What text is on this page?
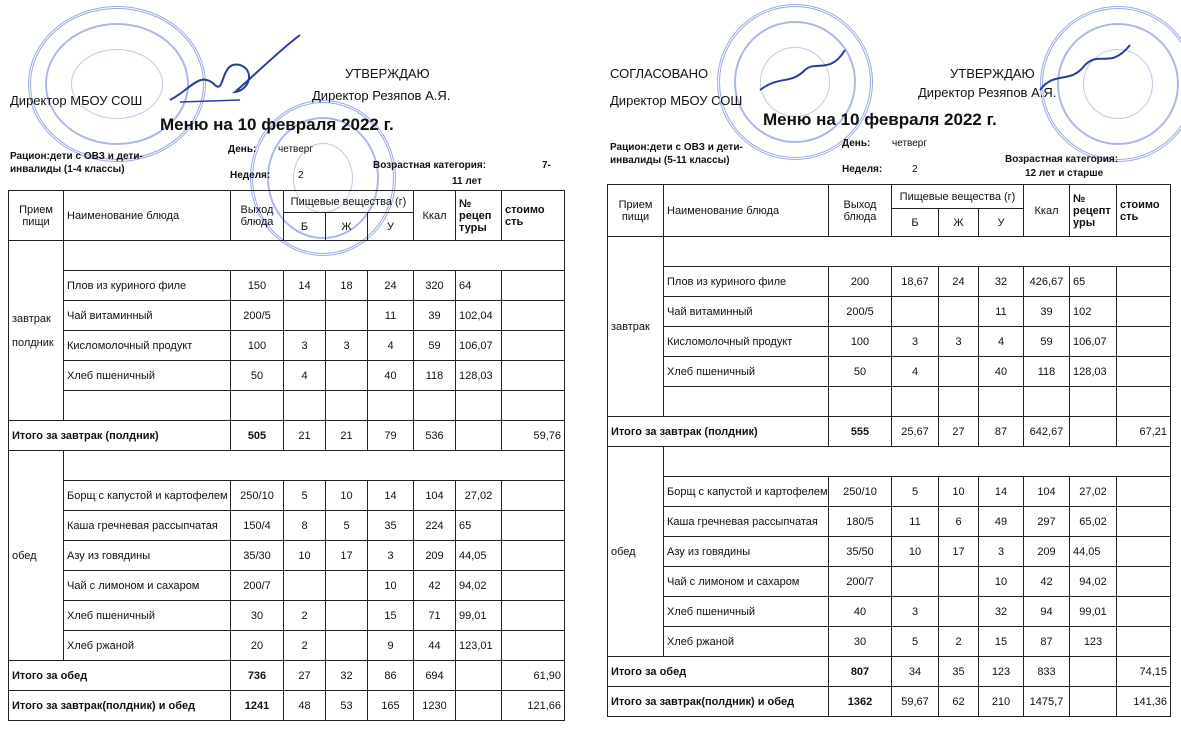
УТВЕРЖДАЮ
Директор МБОУ СОШ	Директор Резяпов А.Я.
Меню на 10 февраля 2022 г.
Рацион:дети с ОВЗ и дети-
инвалиды (1-4 классы)
День: четверг
Неделя:	2
Возрастная категория:	7-
11 лет
Прием
пищи	Наименование блюда	Выход
блюда	Пищевые вещества (г)			Ккал	№
рецеп
туры	стоимо
сть
			Б	Ж	У			
завтрак

полдник								
	Плов из куриного филе	150	14	18	24	320	64	
	Чай витаминный	200/5			11	39	102,04	
	Кисломолочный продукт	100	3	3	4	59	106,07	
	Хлеб пшеничный	50	4		40	118	128,03	

Итого за завтрак (полдник)		505	21	21	79	536		59,76
обед								
	Борщ с капустой и картофелем	250/10	5	10	14	104	27,02	
	Каша гречневая рассыпчатая	150/4	8	5	35	224	65	
	Азу из говядины	35/30	10	17	3	209	44,05	
	Чай с лимоном и сахаром	200/7			10	42	94,02	
	Хлеб пшеничный	30	2		15	71	99,01	
	Хлеб ржаной	20	2		9	44	123,01	
Итого за обед		736	27	32	86	694		61,90
Итого за завтрак(полдник) и обед		1241	48	53	165	1230		121,66
СОГЛАСОВАНО	УТВЕРЖДАЮ
Директор МБОУ СОШ
Директор Резяпов А.Я.
Меню на 10 февраля 2022 г.
Рацион:дети с ОВЗ и дети-
инвалиды (5-11 классы)
День: четверг
Неделя:	2
Возрастная категория:
12 лет и старше
Прием
пищи	Наименование блюда	Выход
блюда	Пищевые вещества (г)			Ккал	№
рецепт
уры	стоимо
сть
			Б	Ж	У			
завтрак								
	Плов из куриного филе	200	18,67	24	32	426,67	65	
	Чай витаминный	200/5			11	39	102	
	Кисломолочный продукт	100	3	3	4	59	106,07	
	Хлеб пшеничный	50	4		40	118	128,03	

Итого за завтрак (полдник)		555	25,67	27	87	642,67		67,21
обед								
	Борщ с капустой и картофелем	250/10	5	10	14	104	27,02	
	Каша гречневая рассыпчатая	180/5	11	6	49	297	65,02	
	Азу из говядины	35/50	10	17	3	209	44,05	
	Чай с лимоном и сахаром	200/7			10	42	94,02	
	Хлеб пшеничный	40	3		32	94	99,01	
	Хлеб ржаной	30	5	2	15	87	123	
Итого за обед		807	34	35	123	833		74,15
Итого за завтрак(полдник) и обед		1362	59,67	62	210	1475,7		141,36
